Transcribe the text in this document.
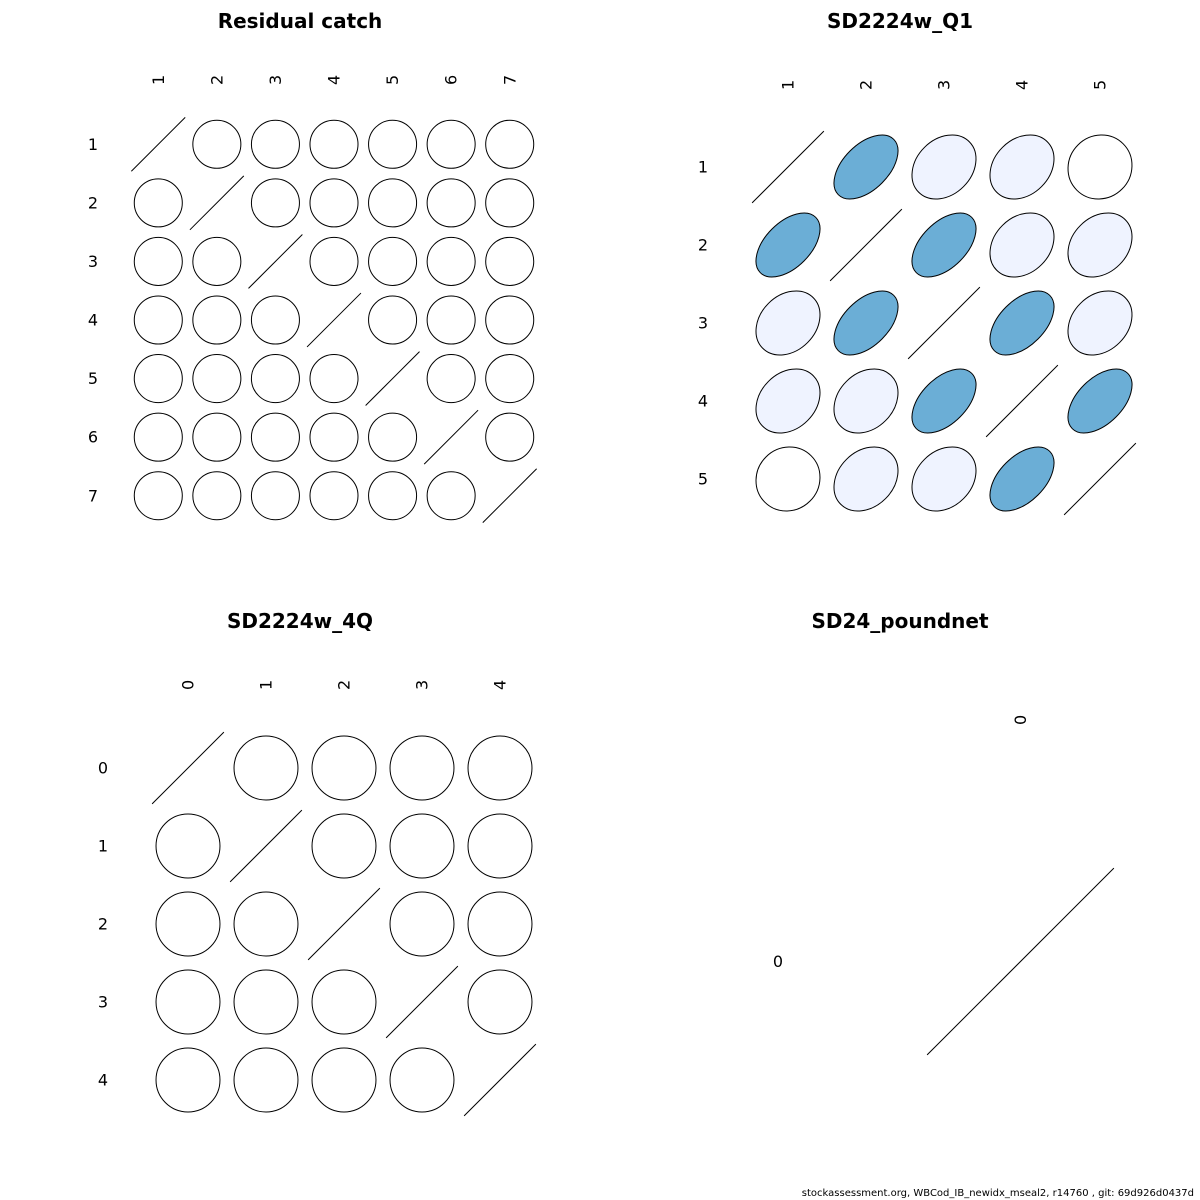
Residual catch
1 2 3 4 5 6 7
1
2
3
4
5
6
7
SD2224w_Q1
1	2	3	4	5
1
2
3
4
5
SD2224w_4Q
0	1	2	3	4
0
1
2
3
4
SD24_poundnet
0
0
stockassessment.org, WBCod_IB_newidx_mseal2, r14760 , git: 69d926d0437d
